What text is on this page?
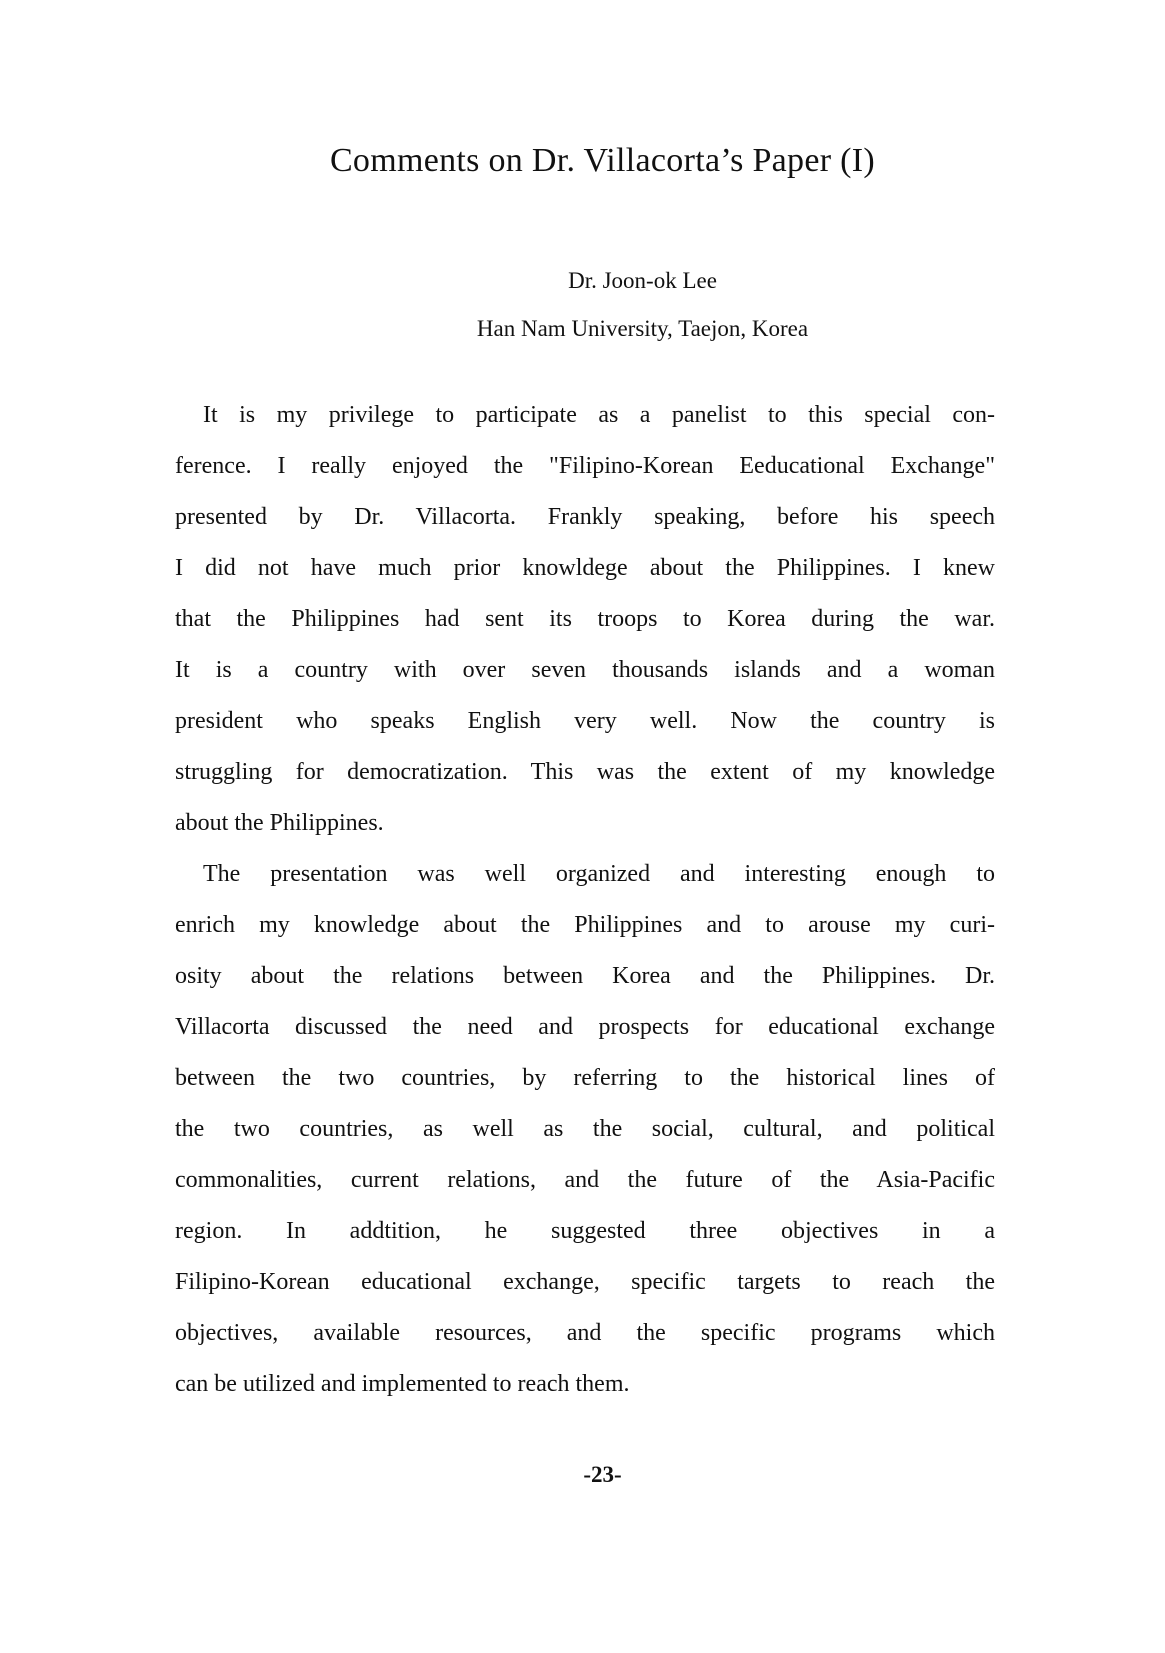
Comments on Dr. Villacorta’s Paper (I)
Dr. Joon-ok Lee
Han Nam University, Taejon, Korea
It is my privilege to participate as a panelist to this special con-
ference. I really enjoyed the "Filipino-Korean Eeducational Exchange"
presented by Dr. Villacorta. Frankly speaking, before his speech
I did not have much prior knowldege about the Philippines. I knew
that the Philippines had sent its troops to Korea during the war.
It is a country with over seven thousands islands and a woman
president who speaks English very well. Now the country is
struggling for democratization. This was the extent of my knowledge
about the Philippines.
The presentation was well organized and interesting enough to
enrich my knowledge about the Philippines and to arouse my curi-
osity about the relations between Korea and the Philippines. Dr.
Villacorta discussed the need and prospects for educational exchange
between the two countries, by referring to the historical lines of
the two countries, as well as the social, cultural, and political
commonalities, current relations, and the future of the Asia-Pacific
region. In addtition, he suggested three objectives in a
Filipino-Korean educational exchange, specific targets to reach the
objectives, available resources, and the specific programs which
can be utilized and implemented to reach them.
-23-
